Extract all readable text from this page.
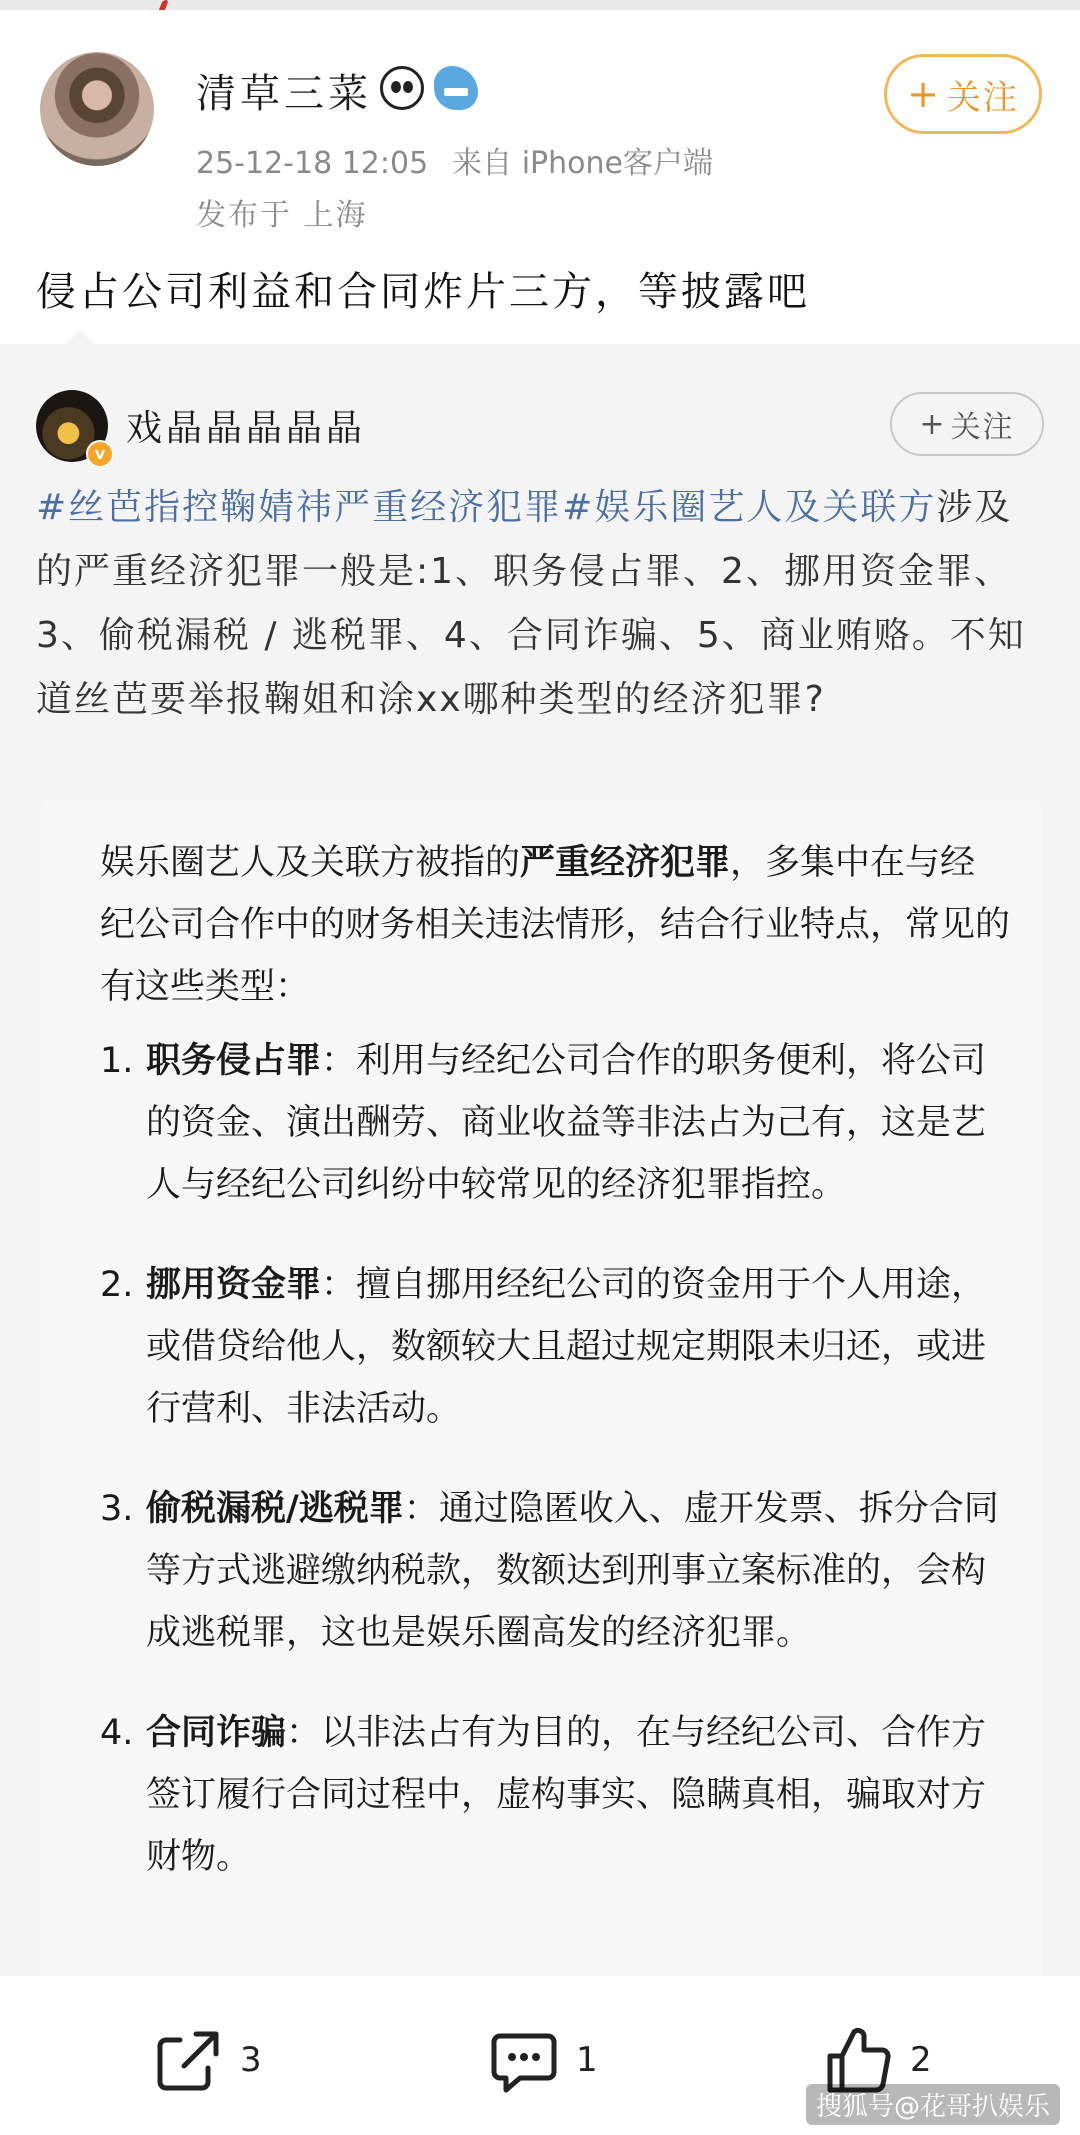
清草三菜
25-12-18 12:05 来自 iPhone客户端
发布于 上海
+ 关注
侵占公司利益和合同炸片三方，等披露吧
v
戏晶晶晶晶晶	+ 关注
#丝芭指控鞠婧祎严重经济犯罪#娱乐圈艺人及关联方涉及的严重经济犯罪一般是:1、职务侵占罪、2、挪用资金罪、3、偷税漏税 / 逃税罪、4、合同诈骗、5、商业贿赂。不知道丝芭要举报鞠姐和涂xx哪种类型的经济犯罪?
娱乐圈艺人及关联方被指的严重经济犯罪，多集中在与经纪公司合作中的财务相关违法情形，结合行业特点，常见的有这些类型：
1. 职务侵占罪：利用与经纪公司合作的职务便利，将公司的资金、演出酬劳、商业收益等非法占为己有，这是艺人与经纪公司纠纷中较常见的经济犯罪指控。
2. 挪用资金罪：擅自挪用经纪公司的资金用于个人用途，或借贷给他人，数额较大且超过规定期限未归还，或进行营利、非法活动。
3. 偷税漏税/逃税罪：通过隐匿收入、虚开发票、拆分合同等方式逃避缴纳税款，数额达到刑事立案标准的，会构成逃税罪，这也是娱乐圈高发的经济犯罪。
4. 合同诈骗：以非法占有为目的，在与经纪公司、合作方签订履行合同过程中，虚构事实、隐瞒真相，骗取对方财物。
3	1	2
搜狐号@花哥扒娱乐
